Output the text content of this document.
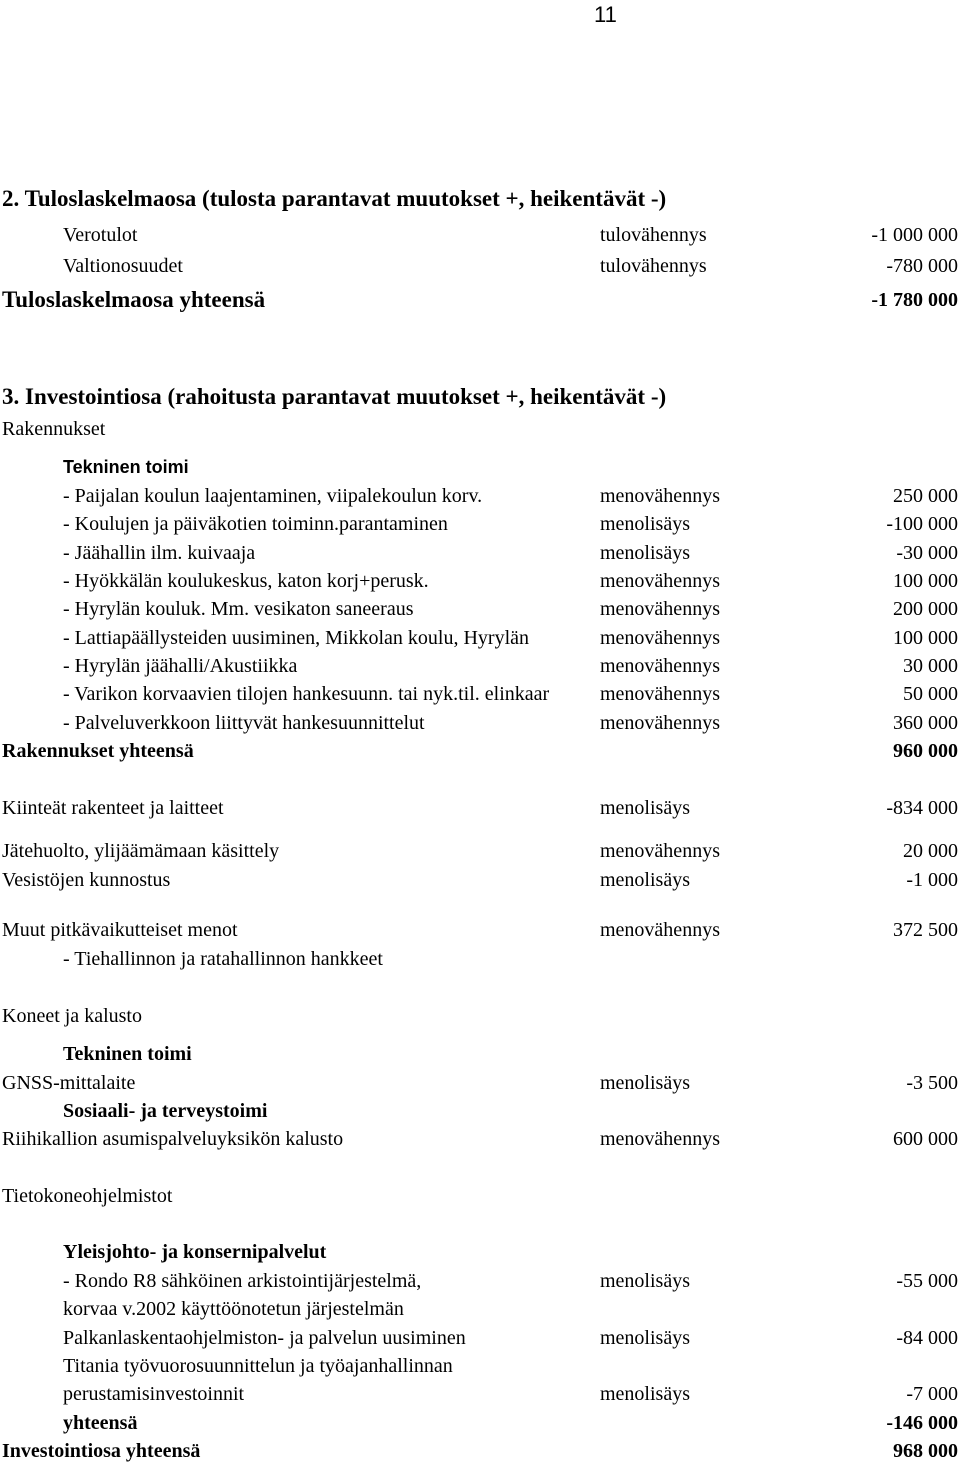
11
2. Tuloslaskelmaosa (tulosta parantavat muutokset +, heikentävät -)
Verotulot	tulovähennys	-1 000 000
Valtionosuudet	tulovähennys	-780 000
Tuloslaskelmaosa yhteensä	-1 780 000
3. Investointiosa (rahoitusta parantavat muutokset +, heikentävät -)
Rakennukset
Tekninen toimi
- Paijalan koulun laajentaminen, viipalekoulun korv.	menovähennys	250 000
- Koulujen ja päiväkotien toiminn.parantaminen	menolisäys	-100 000
- Jäähallin ilm. kuivaaja	menolisäys	-30 000
- Hyökkälän koulukeskus, katon korj+perusk.	menovähennys	100 000
- Hyrylän kouluk. Mm. vesikaton saneeraus	menovähennys	200 000
- Lattiapäällysteiden uusiminen, Mikkolan koulu, Hyrylän	menovähennys	100 000
- Hyrylän jäähalli/Akustiikka	menovähennys	30 000
- Varikon korvaavien tilojen hankesuunn. tai nyk.til. elinkaar	menovähennys	50 000
- Palveluverkkoon liittyvät hankesuunnittelut	menovähennys	360 000
Rakennukset yhteensä	960 000
Kiinteät rakenteet ja laitteet	menolisäys	-834 000
Jätehuolto, ylijäämämaan käsittely	menovähennys	20 000
Vesistöjen kunnostus	menolisäys	-1 000
Muut pitkävaikutteiset menot	menovähennys	372 500
- Tiehallinnon ja ratahallinnon hankkeet
Koneet ja kalusto
Tekninen toimi
GNSS-mittalaite	menolisäys	-3 500
Sosiaali- ja terveystoimi
Riihikallion asumispalveluyksikön kalusto	menovähennys	600 000
Tietokoneohjelmistot
Yleisjohto- ja konsernipalvelut
- Rondo R8 sähköinen arkistointijärjestelmä,	menolisäys	-55 000
korvaa v.2002 käyttöönotetun järjestelmän
Palkanlaskentaohjelmiston- ja palvelun uusiminen	menolisäys	-84 000
Titania työvuorosuunnittelun ja työajanhallinnan
perustamisinvestoinnit	menolisäys	-7 000
yhteensä	-146 000
Investointiosa yhteensä	968 000
